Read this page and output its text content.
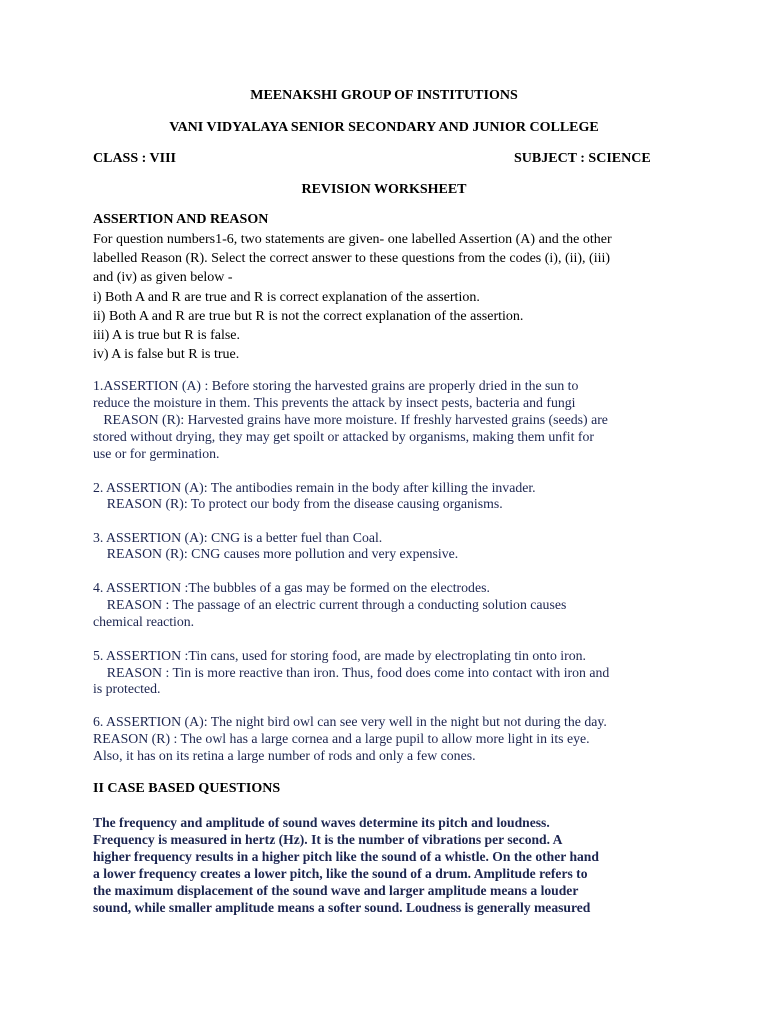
MEENAKSHI GROUP OF INSTITUTIONS
VANI VIDYALAYA SENIOR SECONDARY AND JUNIOR COLLEGE
CLASS : VIII	SUBJECT : SCIENCE
REVISION WORKSHEET
ASSERTION AND REASON
For question numbers1-6, two statements are given- one labelled Assertion (A) and the other
labelled Reason (R). Select the correct answer to these questions from the codes (i), (ii), (iii)
and (iv) as given below -
i) Both A and R are true and R is correct explanation of the assertion.
ii) Both A and R are true but R is not the correct explanation of the assertion.
iii) A is true but R is false.
iv) A is false but R is true.
1.ASSERTION (A) : Before storing the harvested grains are properly dried in the sun to
reduce the moisture in them. This prevents the attack by insect pests, bacteria and fungi
REASON (R): Harvested grains have more moisture. If freshly harvested grains (seeds) are
stored without drying, they may get spoilt or attacked by organisms, making them unfit for
use or for germination.
2. ASSERTION (A): The antibodies remain in the body after killing the invader.
REASON (R): To protect our body from the disease causing organisms.
3. ASSERTION (A): CNG is a better fuel than Coal.
REASON (R): CNG causes more pollution and very expensive.
4. ASSERTION :The bubbles of a gas may be formed on the electrodes.
REASON : The passage of an electric current through a conducting solution causes
chemical reaction.
5. ASSERTION :Tin cans, used for storing food, are made by electroplating tin onto iron.
REASON : Tin is more reactive than iron. Thus, food does come into contact with iron and
is protected.
6. ASSERTION (A): The night bird owl can see very well in the night but not during the day.
REASON (R) : The owl has a large cornea and a large pupil to allow more light in its eye.
Also, it has on its retina a large number of rods and only a few cones.
II CASE BASED QUESTIONS
The frequency and amplitude of sound waves determine its pitch and loudness.
Frequency is measured in hertz (Hz). It is the number of vibrations per second. A
higher frequency results in a higher pitch like the sound of a whistle. On the other hand
a lower frequency creates a lower pitch, like the sound of a drum. Amplitude refers to
the maximum displacement of the sound wave and larger amplitude means a louder
sound, while smaller amplitude means a softer sound. Loudness is generally measured
